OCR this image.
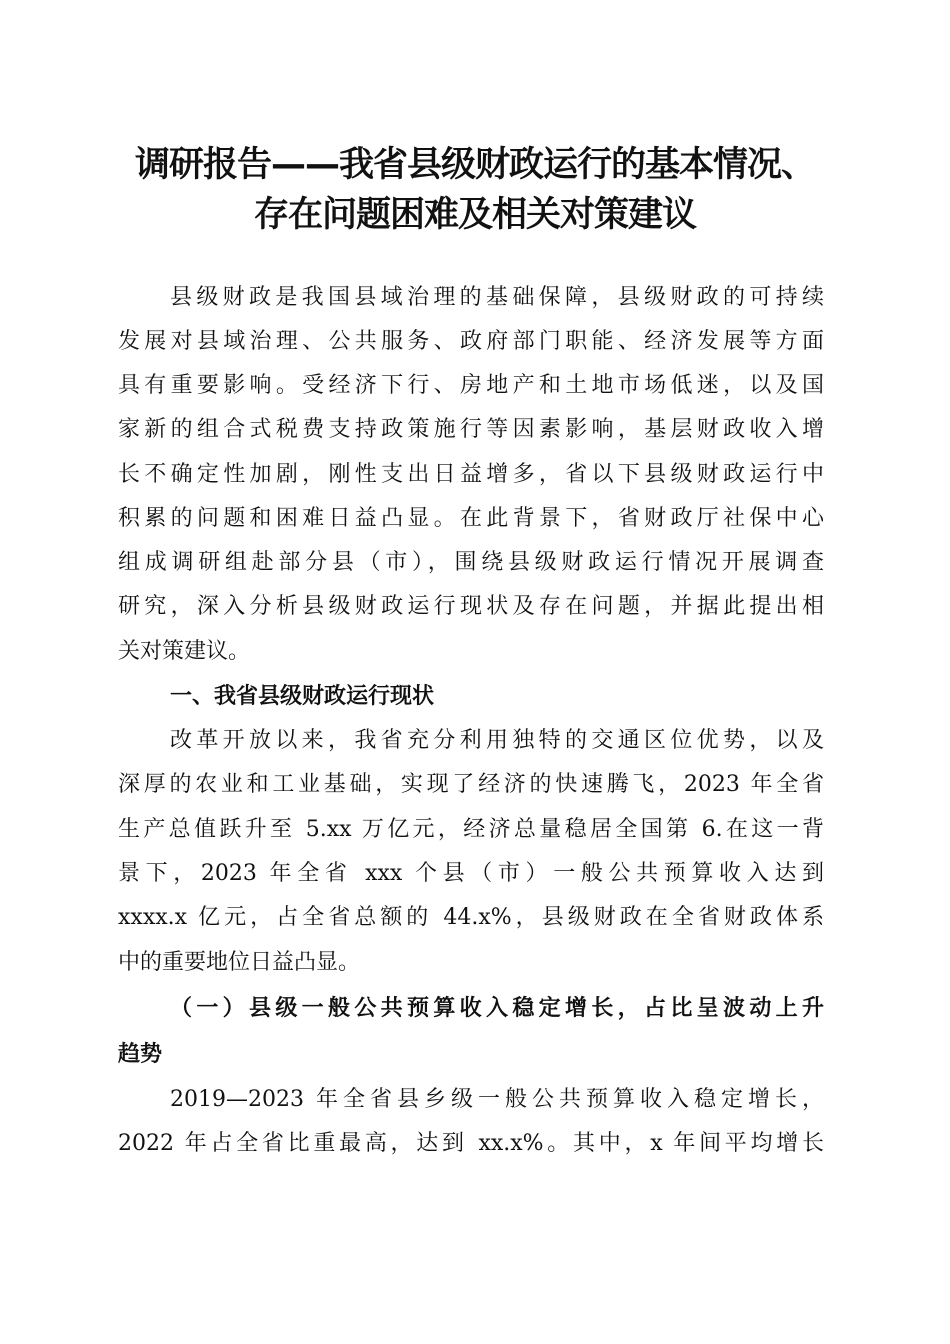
调研报告——我省县级财政运行的基本情况、
存在问题困难及相关对策建议
县级财政是我国县域治理的基础保障，县级财政的可持续
发展对县域治理、公共服务、政府部门职能、经济发展等方面
具有重要影响。受经济下行、房地产和土地市场低迷，以及国
家新的组合式税费支持政策施行等因素影响，基层财政收入增
长不确定性加剧，刚性支出日益增多，省以下县级财政运行中
积累的问题和困难日益凸显。在此背景下，省财政厅社保中心
组成调研组赴部分县（市），围绕县级财政运行情况开展调查
研究，深入分析县级财政运行现状及存在问题，并据此提出相
关对策建议。
一、我省县级财政运行现状
改革开放以来，我省充分利用独特的交通区位优势，以及
深厚的农业和工业基础，实现了经济的快速腾飞，2023 年全省
生产总值跃升至 5.xx 万亿元，经济总量稳居全国第 6.在这一背
景下，2023 年全省 xxx 个县（市）一般公共预算收入达到
xxxx.x 亿元，占全省总额的 44.x%，县级财政在全省财政体系
中的重要地位日益凸显。
（一）县级一般公共预算收入稳定增长，占比呈波动上升
趋势
2019—2023 年全省县乡级一般公共预算收入稳定增长，
2022 年占全省比重最高，达到 xx.x%。其中，x 年间平均增长
